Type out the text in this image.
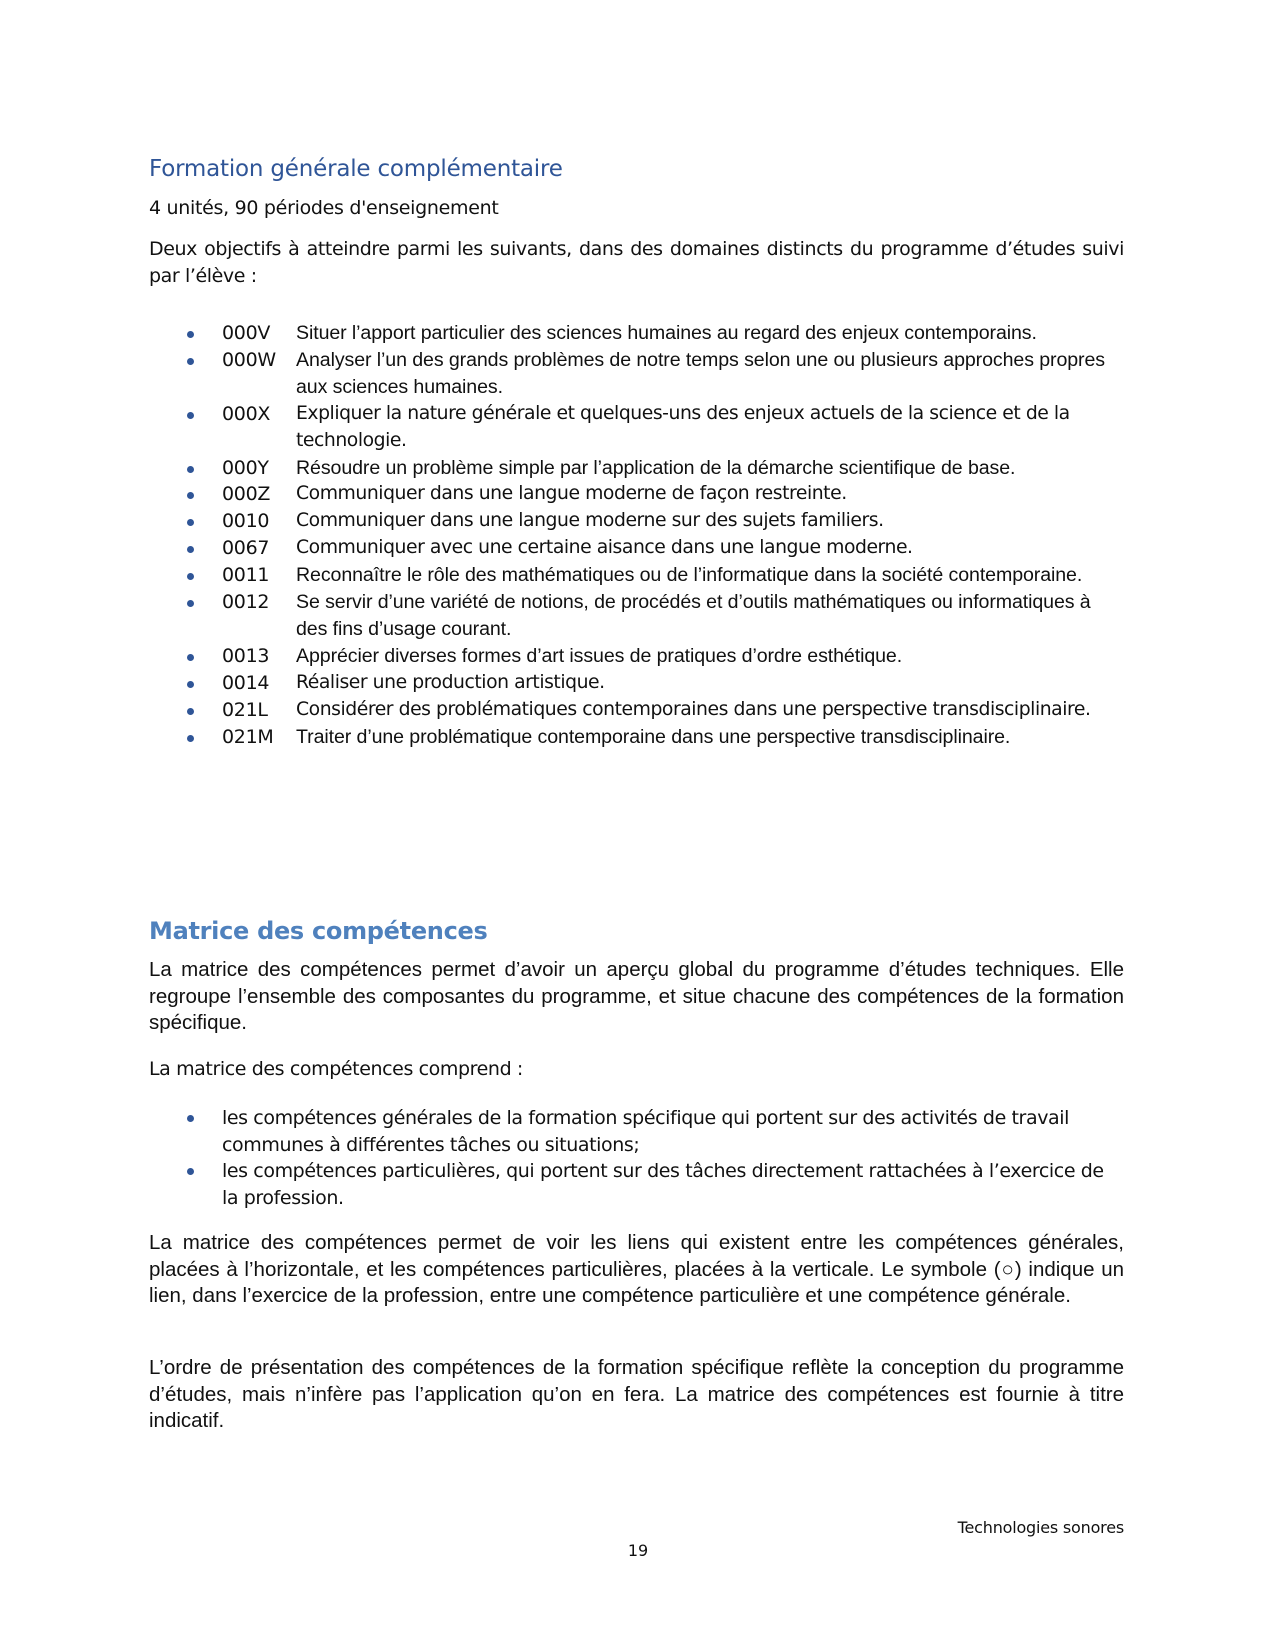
Formation générale complémentaire
4 unités, 90 périodes d'enseignement
Deux objectifs à atteindre parmi les suivants, dans des domaines distincts du programme d’études suivi par l’élève :
000V Situer l’apport particulier des sciences humaines au regard des enjeux contemporains.
000W Analyser l’un des grands problèmes de notre temps selon une ou plusieurs approches propres aux sciences humaines.
000X Expliquer la nature générale et quelques-uns des enjeux actuels de la science et de la technologie.
000Y Résoudre un problème simple par l’application de la démarche scientifique de base.
000Z Communiquer dans une langue moderne de façon restreinte.
0010 Communiquer dans une langue moderne sur des sujets familiers.
0067 Communiquer avec une certaine aisance dans une langue moderne.
0011 Reconnaître le rôle des mathématiques ou de l’informatique dans la société contemporaine.
0012 Se servir d’une variété de notions, de procédés et d’outils mathématiques ou informatiques à des fins d’usage courant.
0013 Apprécier diverses formes d’art issues de pratiques d’ordre esthétique.
0014 Réaliser une production artistique.
021L Considérer des problématiques contemporaines dans une perspective transdisciplinaire.
021M Traiter d’une problématique contemporaine dans une perspective transdisciplinaire.
Matrice des compétences
La matrice des compétences permet d’avoir un aperçu global du programme d’études techniques. Elle regroupe l’ensemble des composantes du programme, et situe chacune des compétences de la formation spécifique.
La matrice des compétences comprend :
les compétences générales de la formation spécifique qui portent sur des activités de travail communes à différentes tâches ou situations;
les compétences particulières, qui portent sur des tâches directement rattachées à l’exercice de la profession.
La matrice des compétences permet de voir les liens qui existent entre les compétences générales, placées à l’horizontale, et les compétences particulières, placées à la verticale. Le symbole (○) indique un lien, dans l’exercice de la profession, entre une compétence particulière et une compétence générale.
L’ordre de présentation des compétences de la formation spécifique reflète la conception du programme d’études, mais n’infère pas l’application qu’on en fera. La matrice des compétences est fournie à titre indicatif.
Technologies sonores
19
